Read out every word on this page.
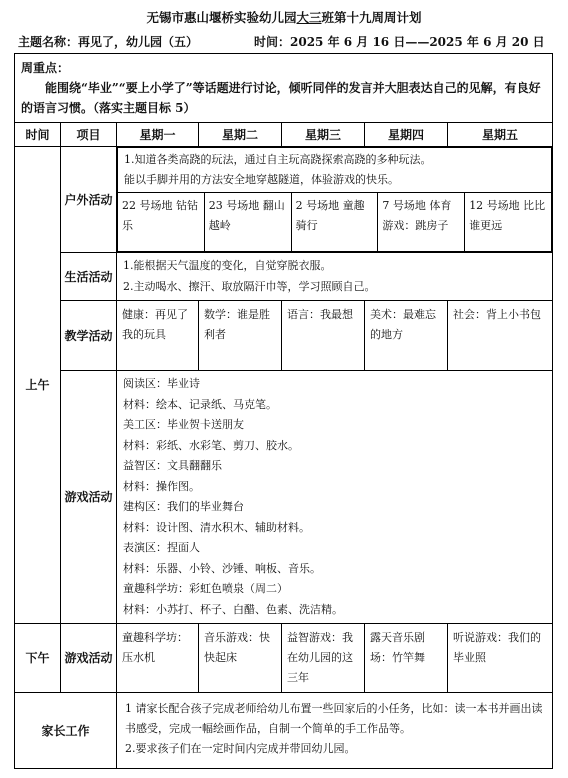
无锡市惠山堰桥实验幼儿园大三班第十九周周计划
主题名称：再见了，幼儿园（五）	时间：2025 年 6 月 16 日——2025 年 6 月 20 日
周重点：
能围绕“毕业”“要上小学了”等话题进行讨论，倾听同伴的发言并大胆表达自己的见解，有良好的语言习惯。（落实主题目标 5）

时间	项目	星期一	星期二	星期三	星期四	星期五
上午	户外活动	
1.知道各类高跷的玩法，通过自主玩高跷探索高跷的多种玩法。
能以手脚并用的方法安全地穿越隧道，体验游戏的快乐。

22 号场地 钻钻乐	23 号场地 翻山越岭	2 号场地 童趣骑行	7 号场地 体育游戏：跳房子	12 号场地 比比谁更远

生活活动	
1.能根据天气温度的变化，自觉穿脱衣服。
2.主动喝水、擦汗、取放隔汗巾等，学习照顾自己。

教学活动	健康：再见了我的玩具	数学：谁是胜利者	语言：我最想	美术：最难忘的地方	社会：背上小书包
游戏活动	
阅读区：毕业诗
材料：绘本、记录纸、马克笔。
美工区：毕业贺卡送朋友
材料：彩纸、水彩笔、剪刀、胶水。
益智区：文具翻翻乐
材料：操作图。
建构区：我们的毕业舞台
材料：设计图、清水积木、辅助材料。
表演区：捏面人
材料：乐器、小铃、沙锤、响板、音乐。
童趣科学坊：彩虹色喷泉（周二）
材料：小苏打、杯子、白醋、色素、洗洁精。

下午	游戏活动	童趣科学坊：压水机	音乐游戏：快快起床	益智游戏：我在幼儿园的这三年	露天音乐剧场：竹竿舞	听说游戏：我们的毕业照
家长工作	
1 请家长配合孩子完成老师给幼儿布置一些回家后的小任务，比如：读一本书并画出读书感受，完成一幅绘画作品，自制一个简单的手工作品等。
2.要求孩子们在一定时间内完成并带回幼儿园。
